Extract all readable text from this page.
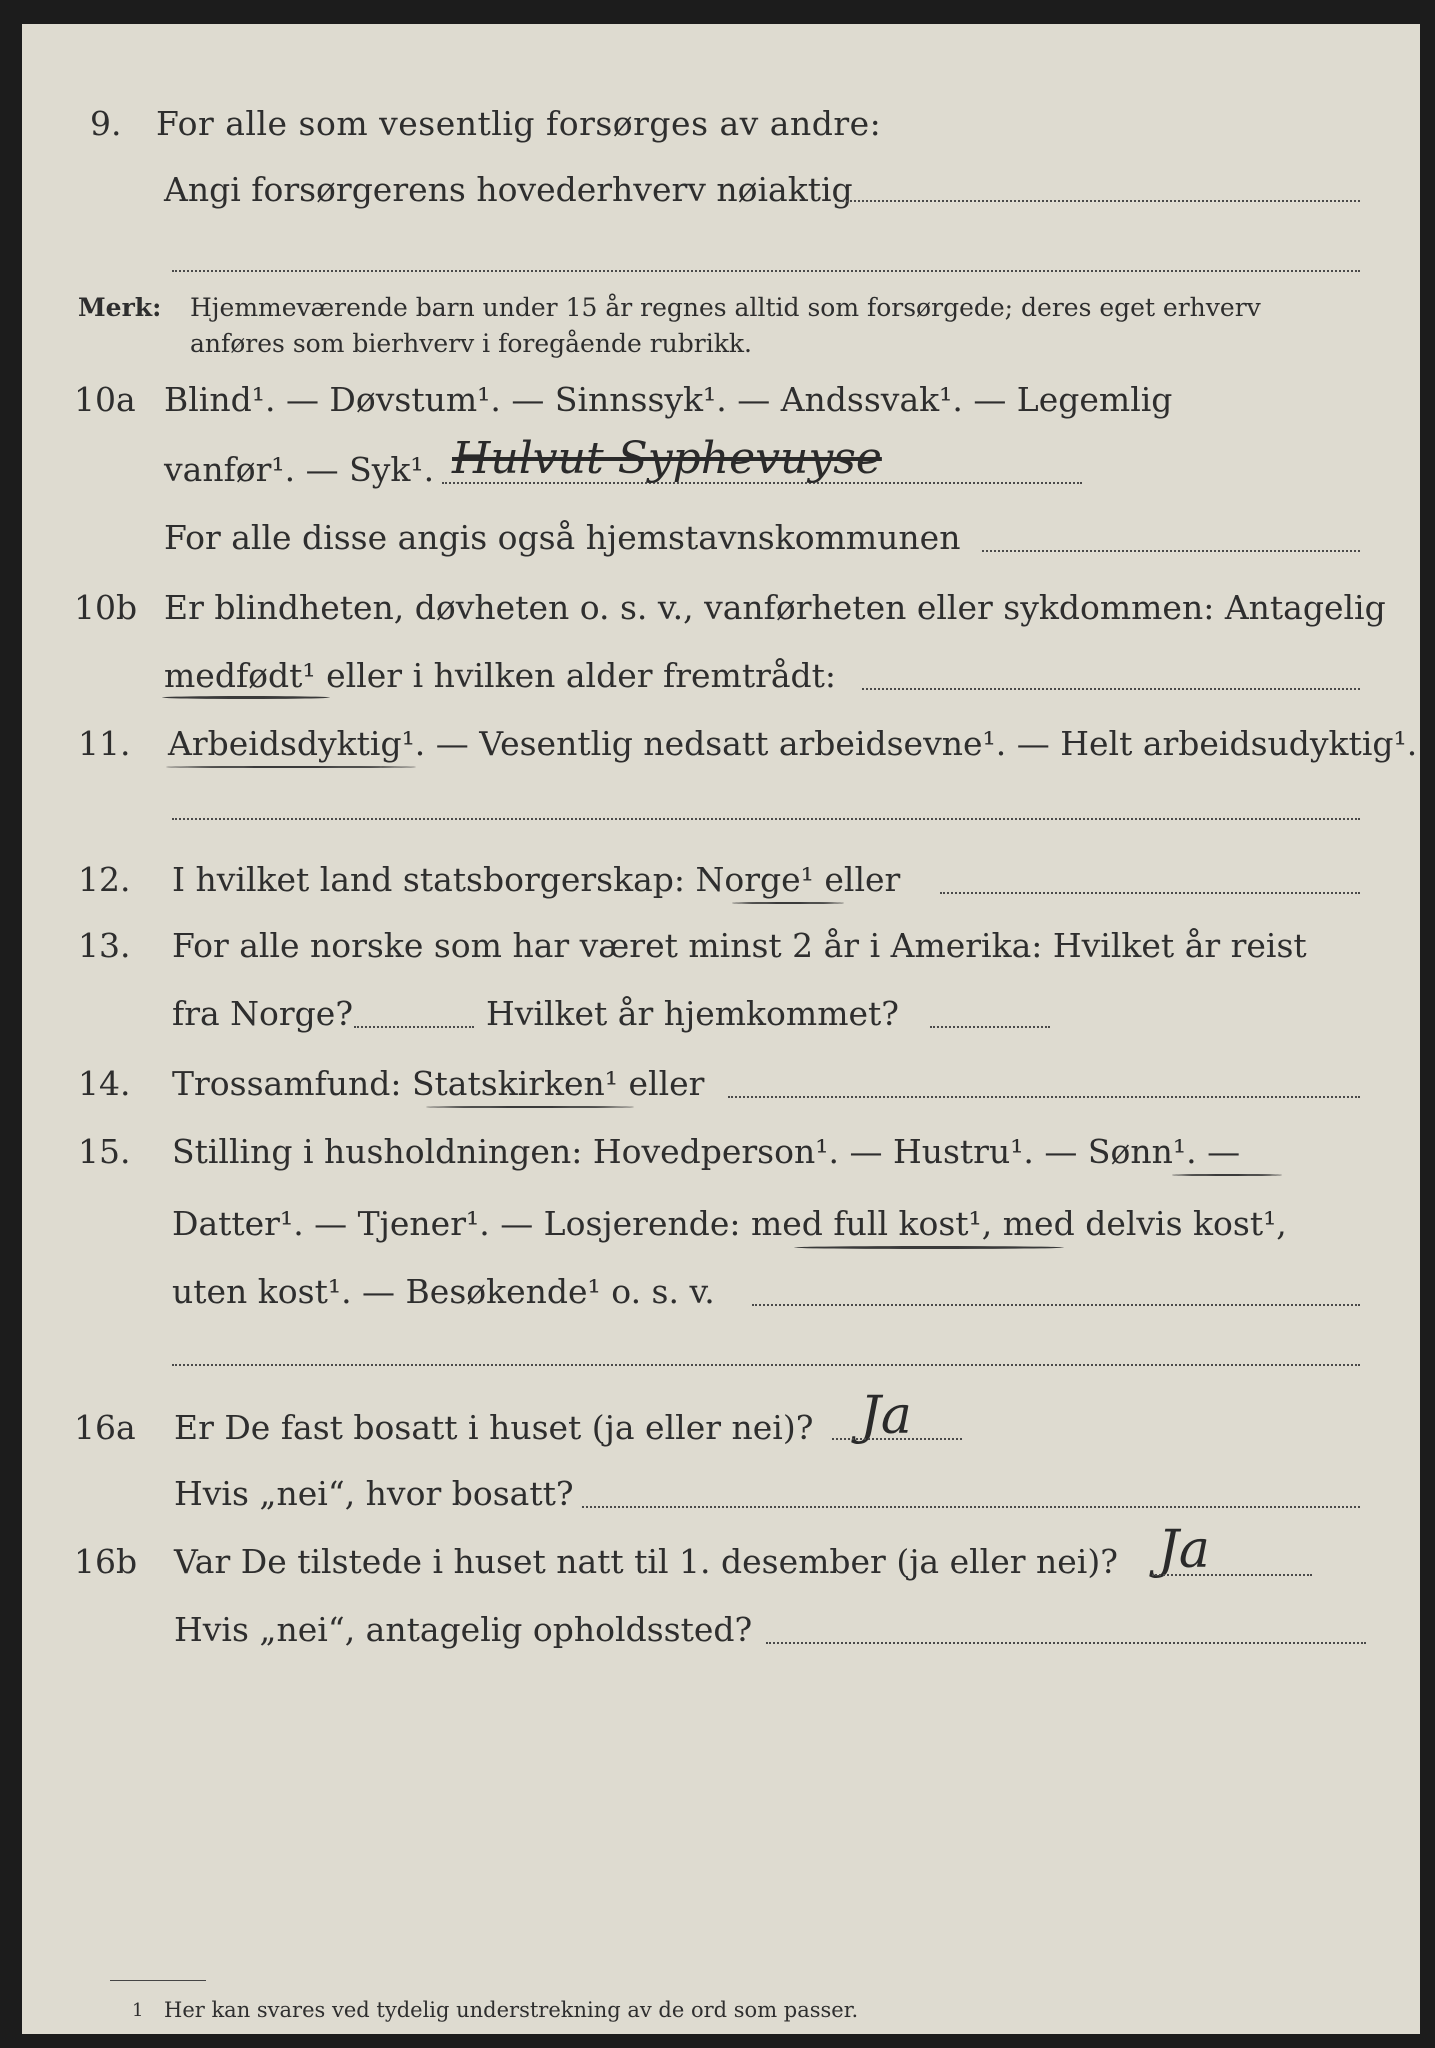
9. For alle som vesentlig forsørges av andre:
Angi forsørgerens hovederhverv nøiaktig
Merk: Hjemmeværende barn under 15 år regnes alltid som forsørgede; deres eget erhverv
anføres som bierhverv i foregående rubrikk.
10a Blind¹. — Døvstum¹. — Sinnssyk¹. — Andssvak¹. — Legemlig
vanfør¹. — Syk¹. Hulvut Syphevuyse
For alle disse angis også hjemstavnskommunen
10b Er blindheten, døvheten o. s. v., vanførheten eller sykdommen: Antagelig
medfødt¹ eller i hvilken alder fremtrådt:
11. Arbeidsdyktig¹. — Vesentlig nedsatt arbeidsevne¹. — Helt arbeidsudyktig¹.
12. I hvilket land statsborgerskap: Norge¹ eller
13. For alle norske som har været minst 2 år i Amerika: Hvilket år reist
fra Norge?	Hvilket år hjemkommet?
14. Trossamfund: Statskirken¹ eller
15. Stilling i husholdningen: Hovedperson¹. — Hustru¹. — Sønn¹. —
Datter¹. — Tjener¹. — Losjerende: med full kost¹, med delvis kost¹,
uten kost¹. — Besøkende¹ o. s. v.
16a Er De fast bosatt i huset (ja eller nei)? Ja
Hvis „nei“, hvor bosatt?
16b Var De tilstede i huset natt til 1. desember (ja eller nei)? Ja
Hvis „nei“, antagelig opholdssted?
1 Her kan svares ved tydelig understrekning av de ord som passer.
